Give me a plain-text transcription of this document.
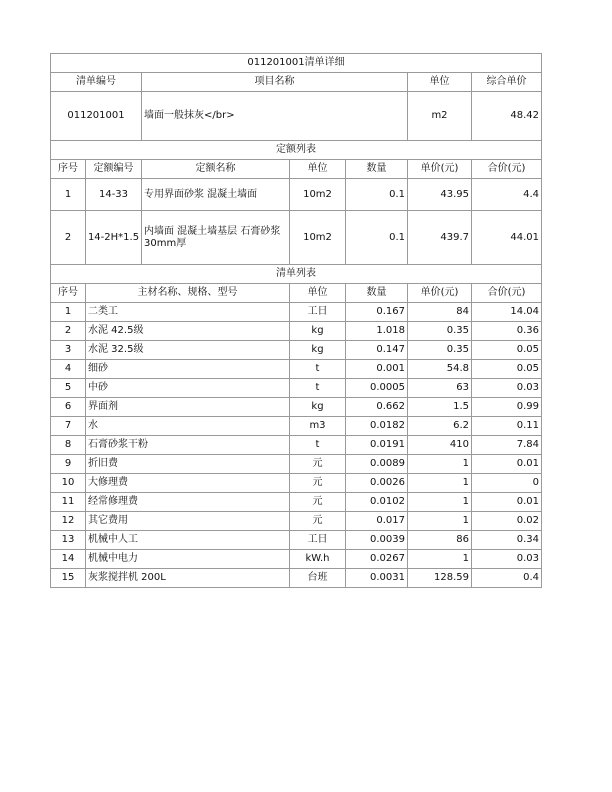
011201001清单详细						
清单编号		项目名称			单位	综合单价
011201001		墙面一般抹灰</br>			m2	48.42
定额列表						
序号	定额编号	定额名称	单位	数量	单价(元)	合价(元)
1	14-33	专用界面砂浆 混凝土墙面	10m2	0.1	43.95	4.4
2	14-2H*1.5	内墙面 混凝土墙基层 石膏砂浆30mm厚	10m2	0.1	439.7	44.01
清单列表						
序号	主材名称、规格、型号		单位	数量	单价(元)	合价(元)
1	二类工		工日	0.167	84	14.04
2	水泥 42.5级		kg	1.018	0.35	0.36
3	水泥 32.5级		kg	0.147	0.35	0.05
4	细砂		t	0.001	54.8	0.05
5	中砂		t	0.0005	63	0.03
6	界面剂		kg	0.662	1.5	0.99
7	水		m3	0.0182	6.2	0.11
8	石膏砂浆干粉		t	0.0191	410	7.84
9	折旧费		元	0.0089	1	0.01
10	大修理费		元	0.0026	1	0
11	经常修理费		元	0.0102	1	0.01
12	其它费用		元	0.017	1	0.02
13	机械中人工		工日	0.0039	86	0.34
14	机械中电力		kW.h	0.0267	1	0.03
15	灰浆搅拌机 200L		台班	0.0031	128.59	0.4
